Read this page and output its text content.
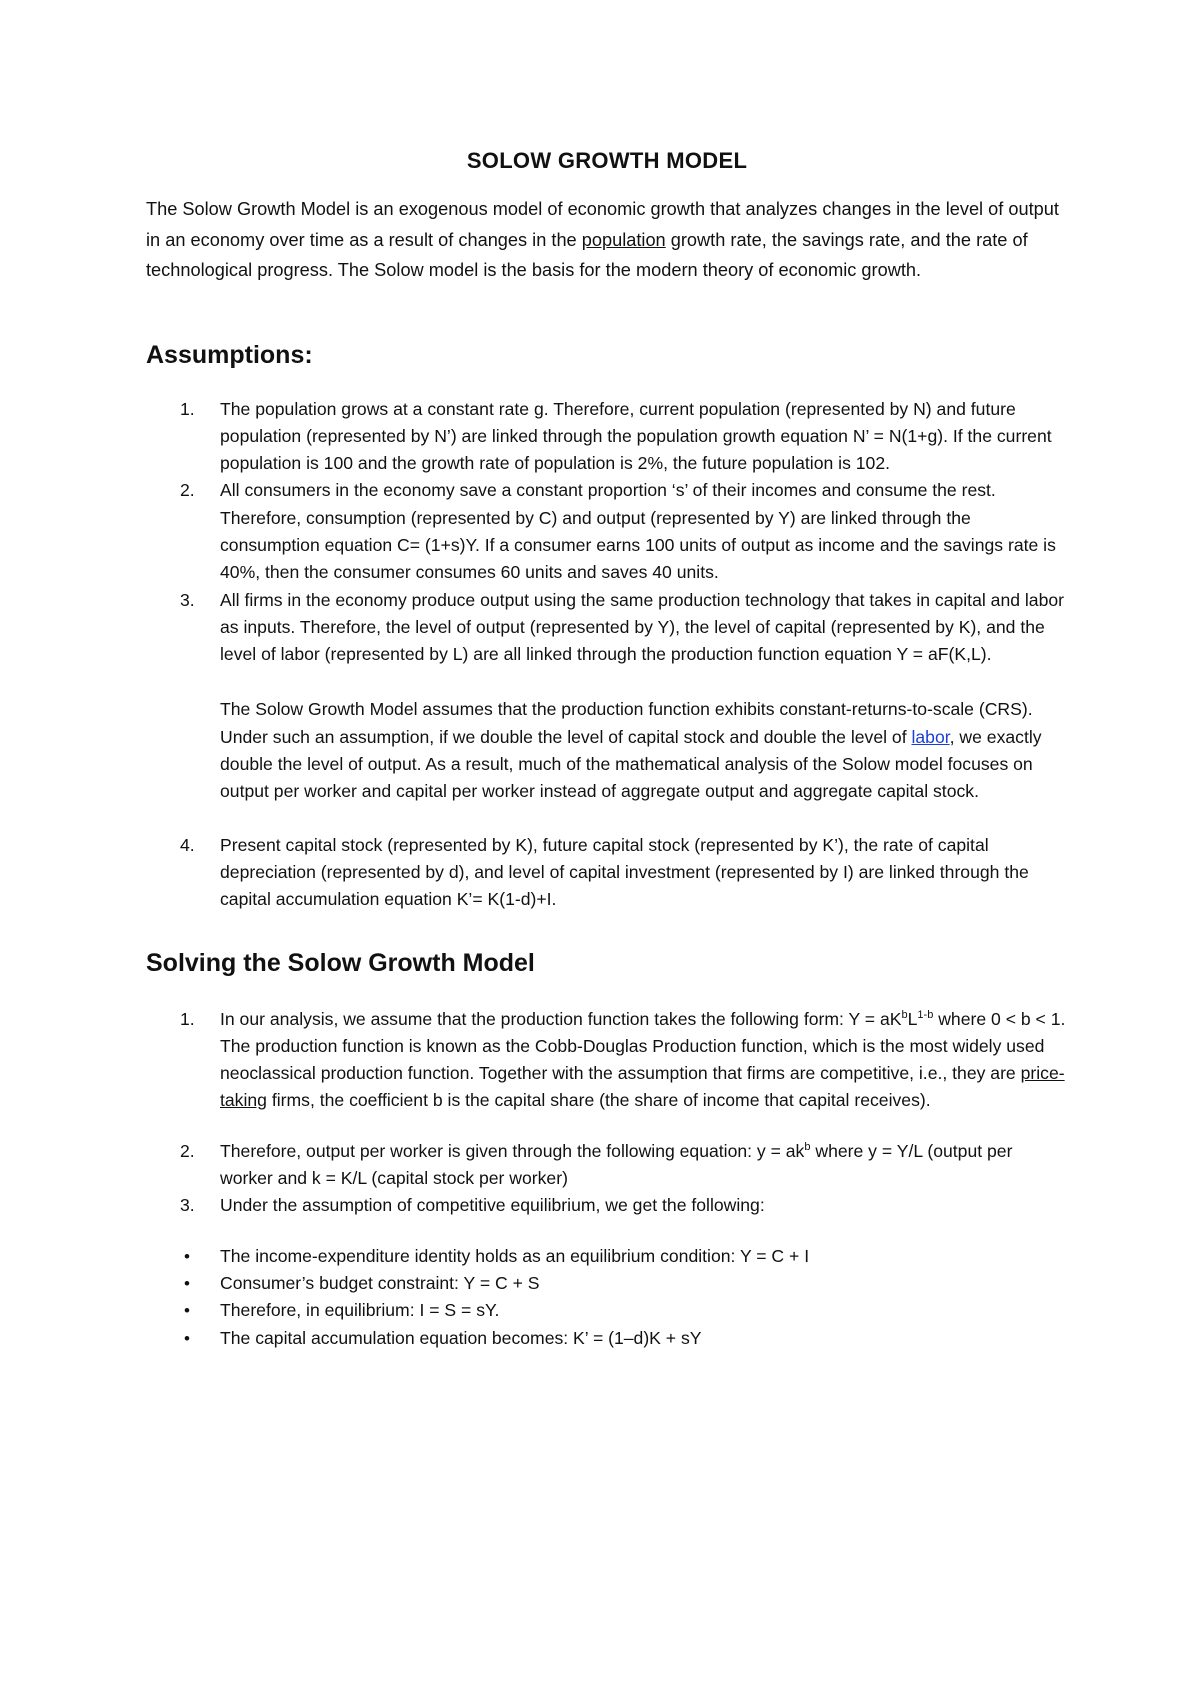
SOLOW GROWTH MODEL

The Solow Growth Model is an exogenous model of economic growth that analyzes changes in the level of output in an economy over time as a result of changes in the population growth rate, the savings rate, and the rate of technological progress. The Solow model is the basis for the modern theory of economic growth.

Assumptions:
1. The population grows at a constant rate g. Therefore, current population (represented by N) and future population (represented by N’) are linked through the population growth equation N’ = N(1+g). If the current population is 100 and the growth rate of population is 2%, the future population is 102.
2. All consumers in the economy save a constant proportion ‘s’ of their incomes and consume the rest. Therefore, consumption (represented by C) and output (represented by Y) are linked through the consumption equation C= (1+s)Y. If a consumer earns 100 units of output as income and the savings rate is 40%, then the consumer consumes 60 units and saves 40 units.
3. All firms in the economy produce output using the same production technology that takes in capital and labor as inputs. Therefore, the level of output (represented by Y), the level of capital (represented by K), and the level of labor (represented by L) are all linked through the production function equation Y = aF(K,L).

The Solow Growth Model assumes that the production function exhibits constant-returns-to-scale (CRS). Under such an assumption, if we double the level of capital stock and double the level of labor, we exactly double the level of output. As a result, much of the mathematical analysis of the Solow model focuses on output per worker and capital per worker instead of aggregate output and aggregate capital stock.

4. Present capital stock (represented by K), future capital stock (represented by K’), the rate of capital depreciation (represented by d), and level of capital investment (represented by I) are linked through the capital accumulation equation K’= K(1-d)+I.
Solving the Solow Growth Model
1. In our analysis, we assume that the production function takes the following form: $Y = aK^bL^{1-b}$ where 0 < b < 1. The production function is known as the Cobb-Douglas Production function, which is the most widely used neoclassical production function. Together with the assumption that firms are competitive, i.e., they are price-taking firms, the coefficient b is the capital share (the share of income that capital receives).
2. Therefore, output per worker is given through the following equation: $y = ak^b$ where y = Y/L (output per worker and k = K/L (capital stock per worker)
3. Under the assumption of competitive equilibrium, we get the following:
• The income-expenditure identity holds as an equilibrium condition: Y = C + I
• Consumer’s budget constraint: Y = C + S
• Therefore, in equilibrium: I = S = sY.
• The capital accumulation equation becomes: K’ = (1–d)K + sY
